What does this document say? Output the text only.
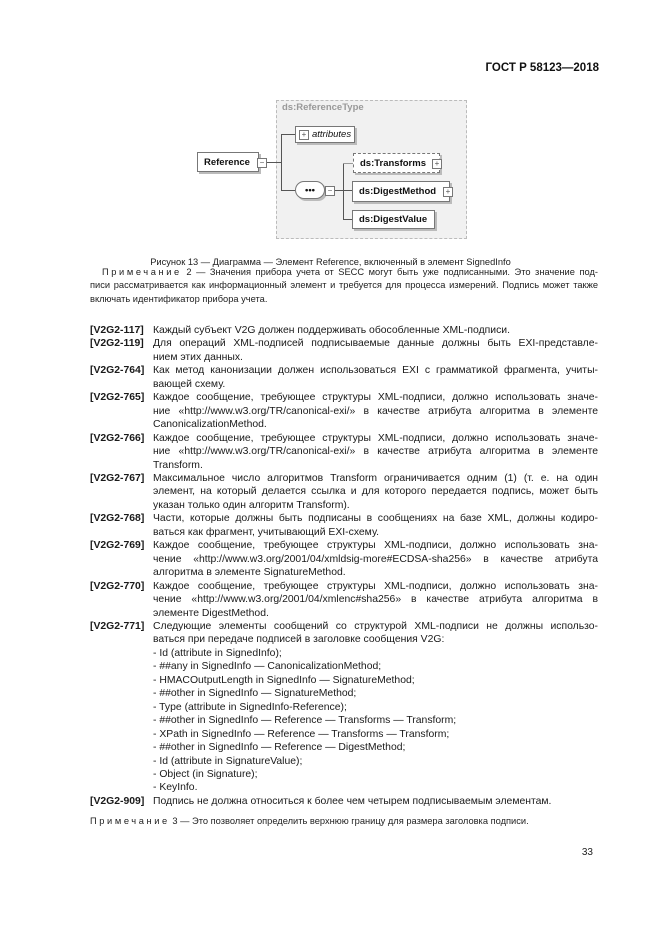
ГОСТ Р 58123—2018
ds:ReferenceType
attributes
+
Reference	−
•••	−
ds:Transforms	+
ds:DigestMethod	+
ds:DigestValue
Рисунок 13 — Диаграмма — Элемент Reference, включенный в элемент SignedInfo
Примечание 2 — Значения прибора учета от SECC могут быть уже подписанными. Это значение под-
писи рассматривается как информационный элемент и требуется для процесса измерений. Подпись может также
включать идентификатор прибора учета.
[V2G2-117] Каждый субъект V2G должен поддерживать обособленные XML-подписи.
[V2G2-119] Для операций XML-подписей подписываемые данные должны быть EXI-представле-
нием этих данных.
[V2G2-764] Как метод канонизации должен использоваться EXI с грамматикой фрагмента, учиты-
вающей схему.
[V2G2-765] Каждое сообщение, требующее структуры XML-подписи, должно использовать значе-
ние «http://www.w3.org/TR/canonical-exi/» в качестве атрибута алгоритма в элементе
CanonicalizationMethod.
[V2G2-766] Каждое сообщение, требующее структуры XML-подписи, должно использовать значе-
ние «http://www.w3.org/TR/canonical-exi/» в качестве атрибута алгоритма в элементе
Transform.
[V2G2-767] Максимальное число алгоритмов Transform ограничивается одним (1) (т. е. на один
элемент, на который делается ссылка и для которого передается подпись, может быть
указан только один алгоритм Transform).
[V2G2-768] Части, которые должны быть подписаны в сообщениях на базе XML, должны кодиро-
ваться как фрагмент, учитывающий EXI-схему.
[V2G2-769] Каждое сообщение, требующее структуры XML-подписи, должно использовать зна-
чение «http://www.w3.org/2001/04/xmldsig-more#ECDSA-sha256» в качестве атрибута
алгоритма в элементе SignatureMethod.
[V2G2-770] Каждое сообщение, требующее структуры XML-подписи, должно использовать зна-
чение «http://www.w3.org/2001/04/xmlenc#sha256» в качестве атрибута алгоритма в
элементе DigestMethod.
[V2G2-771] Следующие элементы сообщений со структурой XML-подписи не должны использо-
ваться при передаче подписей в заголовке сообщения V2G:
- Id (attribute in SignedInfo);
- ##any in SignedInfo — CanonicalizationMethod;
- HMACOutputLength in SignedInfo — SignatureMethod;
- ##other in SignedInfo — SignatureMethod;
- Type (attribute in SignedInfo-Reference);
- ##other in SignedInfo — Reference — Transforms — Transform;
- XPath in SignedInfo — Reference — Transforms — Transform;
- ##other in SignedInfo — Reference — DigestMethod;
- Id (attribute in SignatureValue);
- Object (in Signature);
- KeyInfo.
[V2G2-909] Подпись не должна относиться к более чем четырем подписываемым элементам.
Примечание 3 — Это позволяет определить верхнюю границу для размера заголовка подписи.
33
